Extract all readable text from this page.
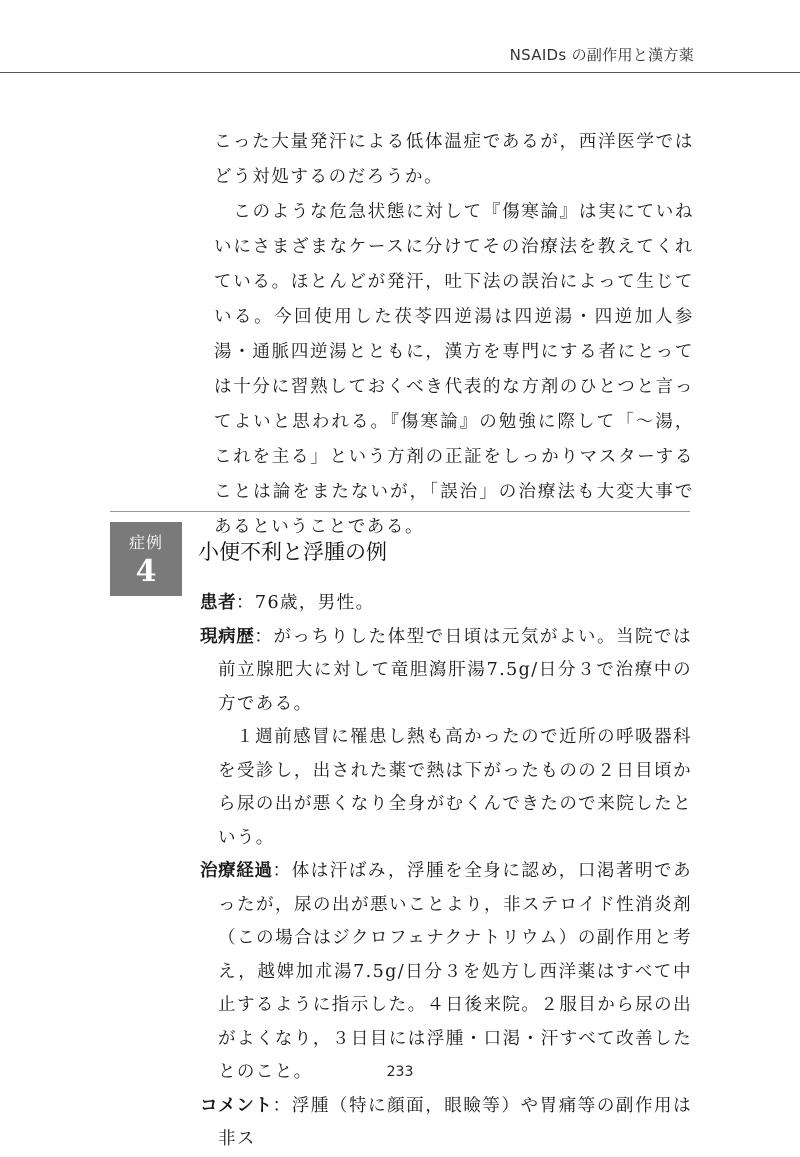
NSAIDs の副作用と漢方薬

こった大量発汗による低体温症であるが，西洋医学ではどう対処するのだろうか。

このような危急状態に対して『傷寒論』は実にていねいにさまざまなケースに分けてその治療法を教えてくれている。ほとんどが発汗，吐下法の誤治によって生じている。今回使用した茯苓四逆湯は四逆湯・四逆加人参湯・通脈四逆湯とともに，漢方を専門にする者にとっては十分に習熟しておくべき代表的な方剤のひとつと言ってよいと思われる。『傷寒論』の勉強に際して「〜湯，これを主る」という方剤の正証をしっかりマスターすることは論をまたないが，「誤治」の治療法も大変大事であるということである。

症例
4
小便不利と浮腫の例

患者：76歳，男性。

現病歴：がっちりした体型で日頃は元気がよい。当院では前立腺肥大に対して竜胆瀉肝湯7.5g/日分３で治療中の方である。

１週前感冒に罹患し熱も高かったので近所の呼吸器科を受診し，出された薬で熱は下がったものの２日目頃から尿の出が悪くなり全身がむくんできたので来院したという。

治療経過：体は汗ばみ，浮腫を全身に認め，口渇著明であったが，尿の出が悪いことより，非ステロイド性消炎剤（この場合はジクロフェナクナトリウム）の副作用と考え，越婢加朮湯7.5g/日分３を処方し西洋薬はすべて中止するように指示した。４日後来院。２服目から尿の出がよくなり，３日目には浮腫・口渇・汗すべて改善したとのこと。

コメント：浮腫（特に顔面，眼瞼等）や胃痛等の副作用は非ス

233
